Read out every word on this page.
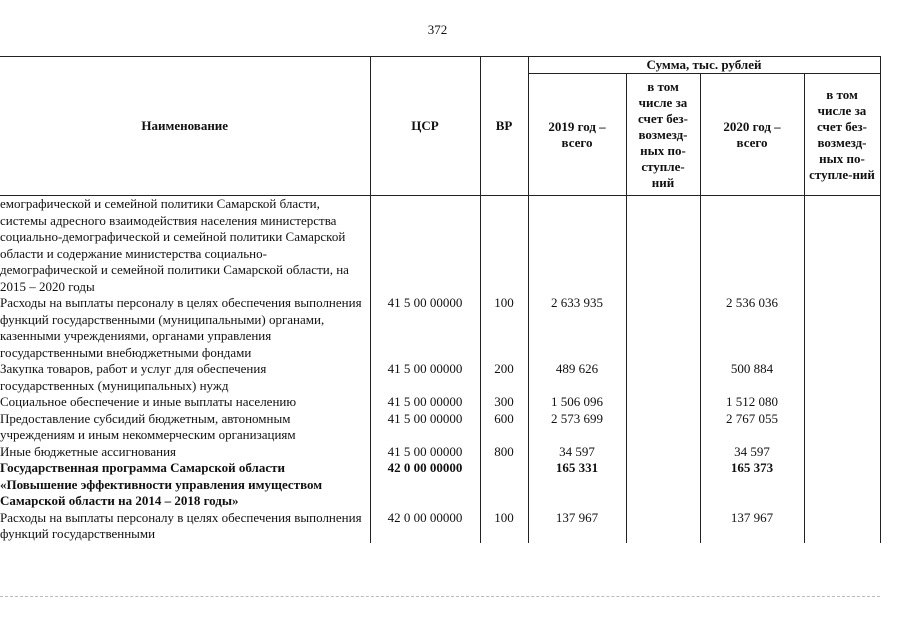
372
Наименование	ЦСР	ВР	Сумма, тыс. рублей			
			2019 год – всего	в том числе за счет без-возмезд-ных по-ступле-ний	2020 год – всего	в том числе за счет без-возмезд-ных по-ступле-ний
емографической и семейной политики Самарской бласти, системы адресного взаимодействия населения министерства социально-демографической и семейной политики Самарской области и содержание министерства социально-демографической и семейной политики Самарской области, на 2015 – 2020 годы						
Расходы на выплаты персоналу в целях обеспечения выполнения функций государственными (муниципальными) органами, казенными учреждениями, органами управления государственными внебюджетными фондами	41 5 00 00000	100	2 633 935		2 536 036	
Закупка товаров, работ и услуг для обеспечения государственных (муниципальных) нужд	41 5 00 00000	200	489 626		500 884	
Социальное обеспечение и иные выплаты населению	41 5 00 00000	300	1 506 096		1 512 080	
Предоставление субсидий бюджетным, автономным учреждениям и иным некоммерческим организациям	41 5 00 00000	600	2 573 699		2 767 055	
Иные бюджетные ассигнования	41 5 00 00000	800	34 597		34 597	
Государственная программа Самарской области «Повышение эффективности управления имуществом Самарской области на 2014 – 2018 годы»	42 0 00 00000		165 331		165 373	
Расходы на выплаты персоналу в целях обеспечения выполнения функций государственными	42 0 00 00000	100	137 967		137 967	
